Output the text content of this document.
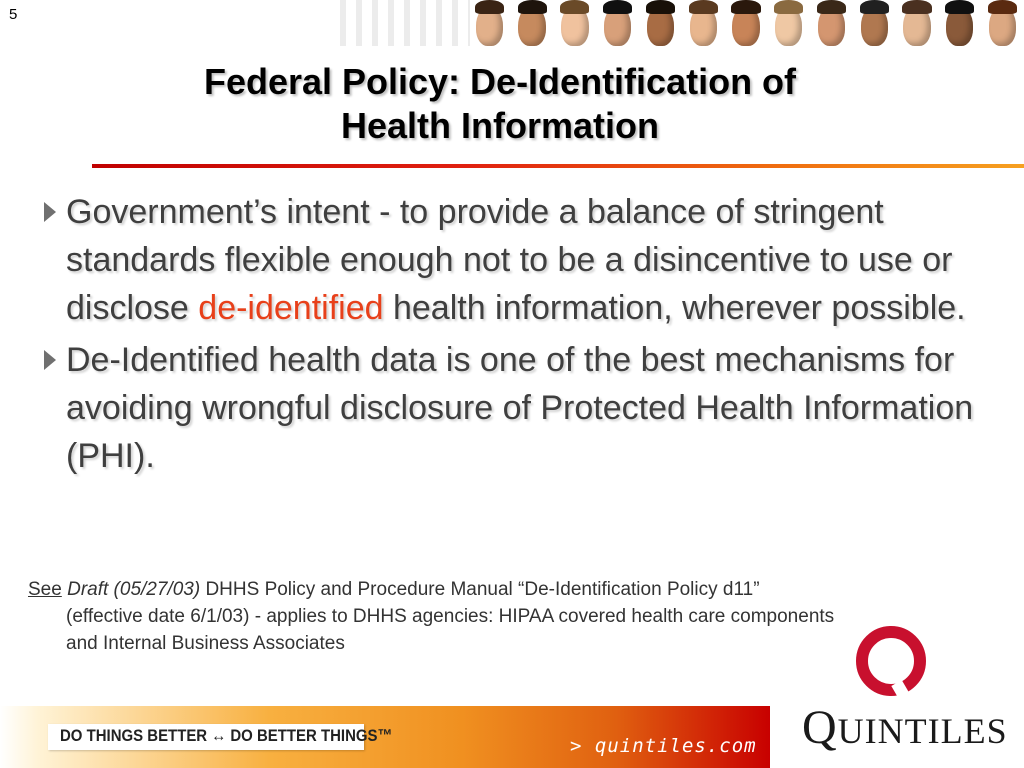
5
Federal Policy: De-Identification of
Health Information
Government’s intent - to provide a balance of stringent standards flexible enough not to be a disincentive to use or disclose de-identified health information, wherever possible.
De-Identified health data is one of the best mechanisms for avoiding wrongful disclosure of Protected Health Information (PHI).
See Draft (05/27/03) DHHS Policy and Procedure Manual “De-Identification Policy d11”
(effective date 6/1/03) - applies to DHHS agencies: HIPAA covered health care components
and Internal Business Associates
QUINTILES
DO THINGS BETTER ↔ DO BETTER THINGS™	> quintiles.com
